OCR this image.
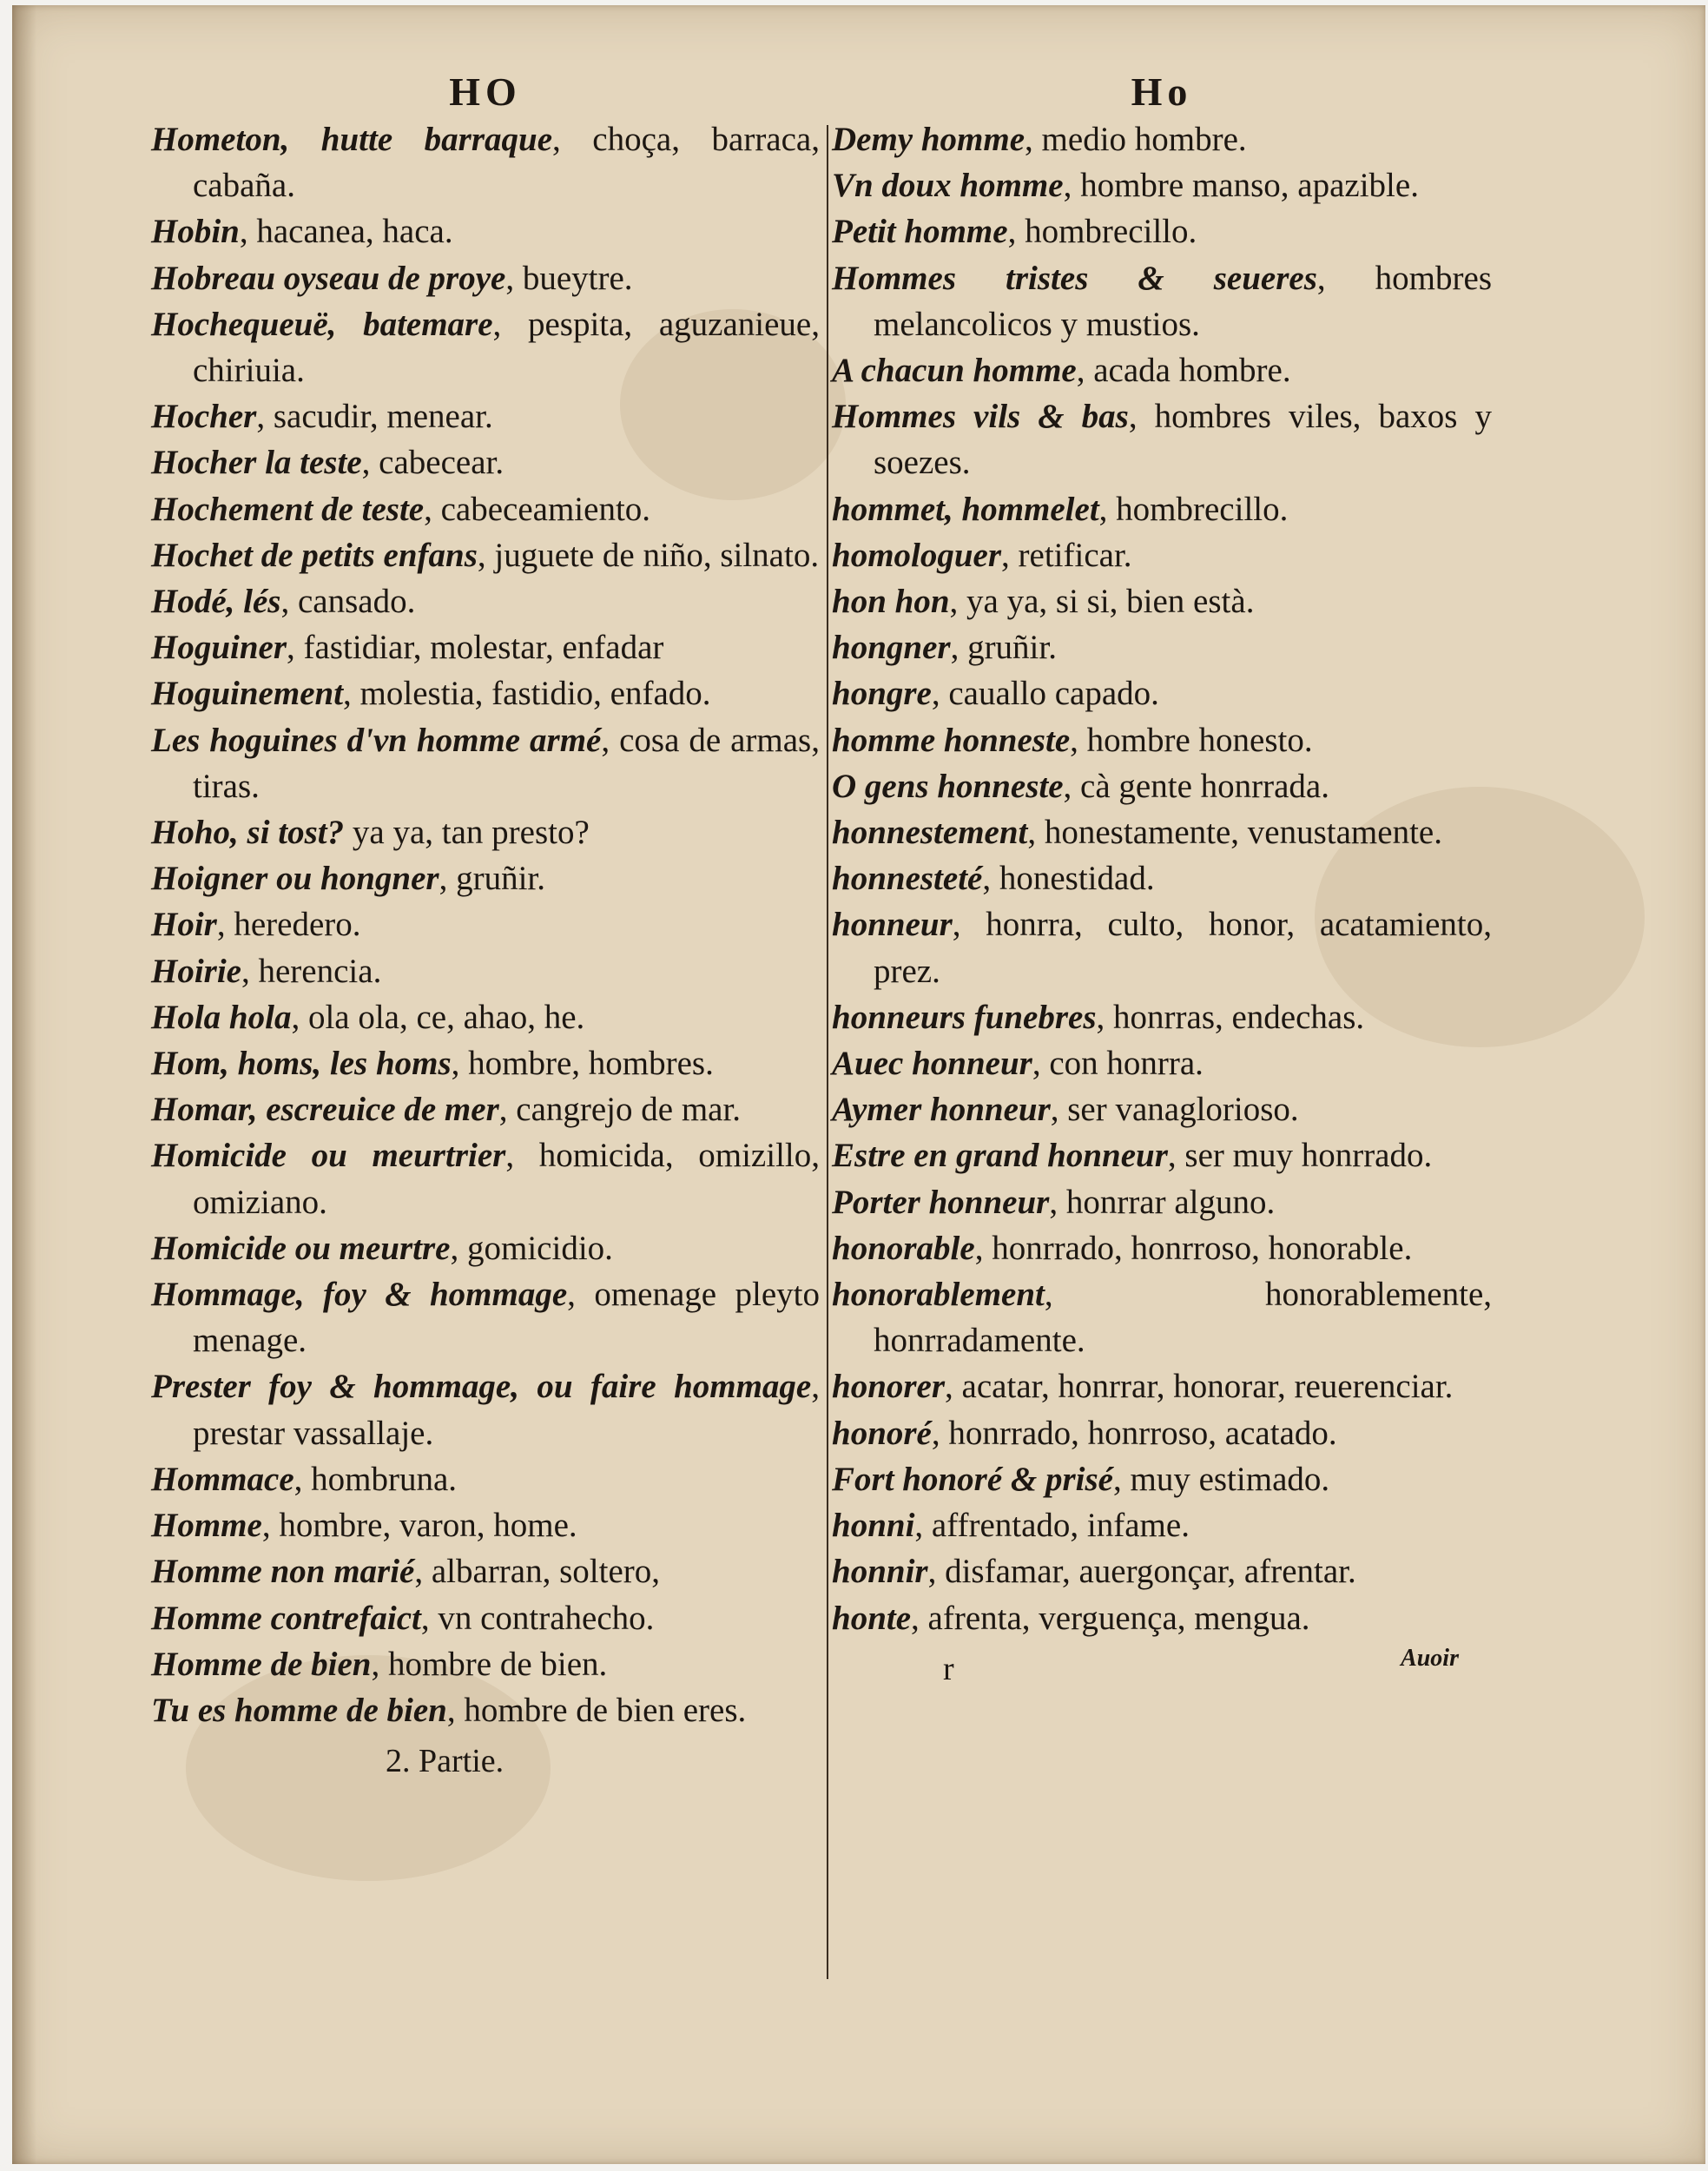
HO
Hometon, hutte barraque, choça, barraca, cabaña.
Hobin, hacanea, haca.
Hobreau oyseau de proye, bueytre.
Hochequeuë, batemare, pespita, aguzanieue, chiriuia.
Hocher, sacudir, menear.
Hocher la teste, cabecear.
Hochement de teste, cabeceamiento.
Hochet de petits enfans, juguete de niño, silnato.
Hodé, lés, cansado.
Hoguiner, fastidiar, molestar, enfadar
Hoguinement, molestia, fastidio, enfado.
Les hoguines d'vn homme armé, cosa de armas, tiras.
Hoho, si tost? ya ya, tan presto?
Hoigner ou hongner, gruñir.
Hoir, heredero.
Hoirie, herencia.
Hola hola, ola ola, ce, ahao, he.
Hom, homs, les homs, hombre, hombres.
Homar, escreuice de mer, cangrejo de mar.
Homicide ou meurtrier, homicida, omizillo, omiziano.
Homicide ou meurtre, gomicidio.
Hommage, foy & hommage, omenage pleyto menage.
Prester foy & hommage, ou faire hommage, prestar vassallaje.
Hommace, hombruna.
Homme, hombre, varon, home.
Homme non marié, albarran, soltero,
Homme contrefaict, vn contrahecho.
Homme de bien, hombre de bien.
Tu es homme de bien, hombre de bien eres.
2. Partie.
Ho
Demy homme, medio hombre.
Vn doux homme, hombre manso, apazible.
Petit homme, hombrecillo.
Hommes tristes & seueres, hombres melancolicos y mustios.
A chacun homme, acada hombre.
Hommes vils & bas, hombres viles, baxos y soezes.
hommet, hommelet, hombrecillo.
homologuer, retificar.
hon hon, ya ya, si si, bien està.
hongner, gruñir.
hongre, cauallo capado.
homme honneste, hombre honesto.
O gens honneste, cà gente honrrada.
honnestement, honestamente, venustamente.
honnesteté, honestidad.
honneur, honrra, culto, honor, acatamiento, prez.
honneurs funebres, honrras, endechas.
Auec honneur, con honrra.
Aymer honneur, ser vanaglorioso.
Estre en grand honneur, ser muy honrrado.
Porter honneur, honrrar alguno.
honorable, honrrado, honrroso, honorable.
honorablement, honorablemente, honrradamente.
honorer, acatar, honrrar, honorar, reuerenciar.
honoré, honrrado, honrroso, acatado.
Fort honoré & prisé, muy estimado.
honni, affrentado, infame.
honnir, disfamar, auergonçar, afrentar.
honte, afrenta, verguença, mengua.
r	Auoir
